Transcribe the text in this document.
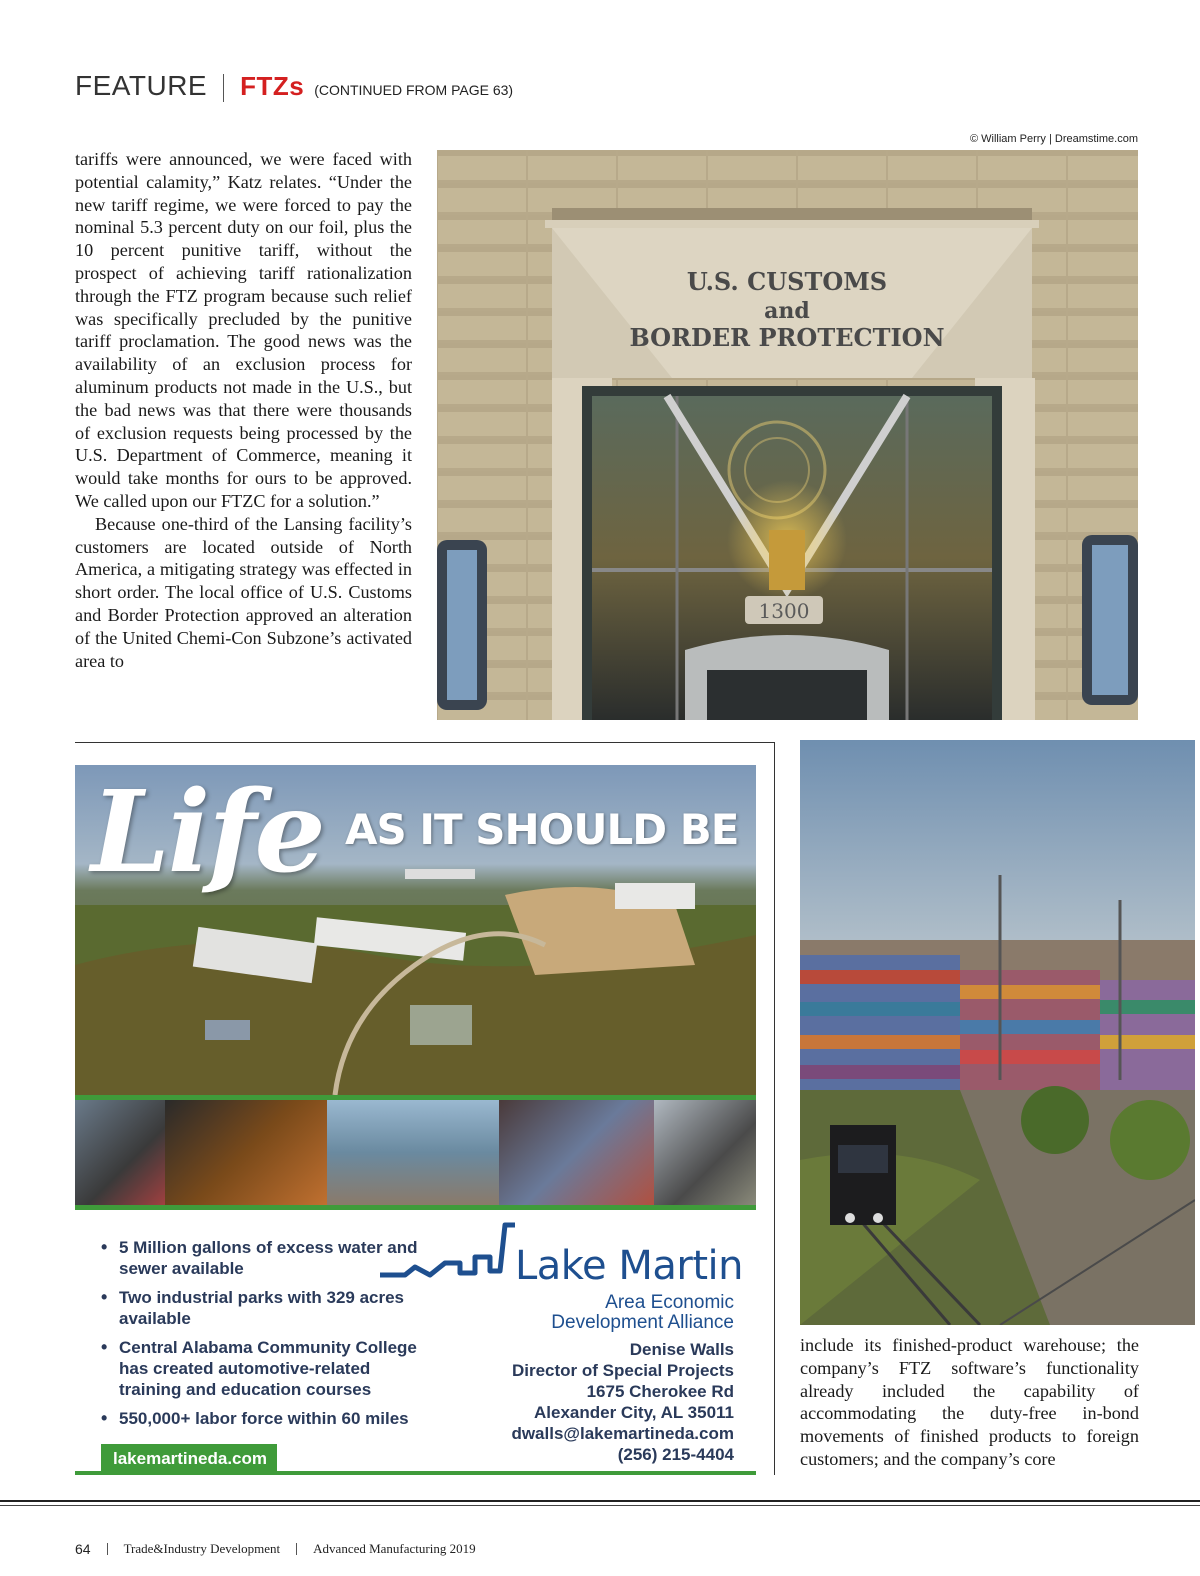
FEATURE FTZs (CONTINUED FROM PAGE 63)

tariffs were announced, we were faced with potential calamity,” Katz relates. “Under the new tariff regime, we were forced to pay the nominal 5.3 percent duty on our foil, plus the 10 percent punitive tariff, without the prospect of achieving tariff rationalization through the FTZ program because such relief was specifically precluded by the punitive tariff proclamation. The good news was the availability of an exclusion process for aluminum products not made in the U.S., but the bad news was that there were thousands of exclusion requests being processed by the U.S. Department of Commerce, meaning it would take months for ours to be approved. We called upon our FTZC for a solution.”

Because one-third of the Lansing facility’s customers are located outside of North America, a mitigating strategy was effected in short order. The local office of U.S. Customs and Border Protection approved an alteration of the United Chemi-Con Subzone’s activated area to

© William Perry | Dreamstime.com
U.S. CUSTOMS
and
BORDER PROTECTION
1300
Life AS IT SHOULD BE
• 5 Million gallons of excess water and sewer available
• Two industrial parks with 329 acres available
• Central Alabama Community College has created automotive-related training and education courses
• 550,000+ labor force within 60 miles
Lake Martin
Area Economic
Development Alliance
Denise Walls
Director of Special Projects
1675 Cherokee Rd
Alexander City, AL 35011
dwalls@lakemartineda.com
(256) 215-4404
lakemartineda.com

include its finished-product warehouse; the company’s FTZ software’s functionality already included the capability of accommodating the duty-free in-bond movements of finished products to foreign customers; and the company’s core

64	Trade&Industry Development	Advanced Manufacturing 2019
